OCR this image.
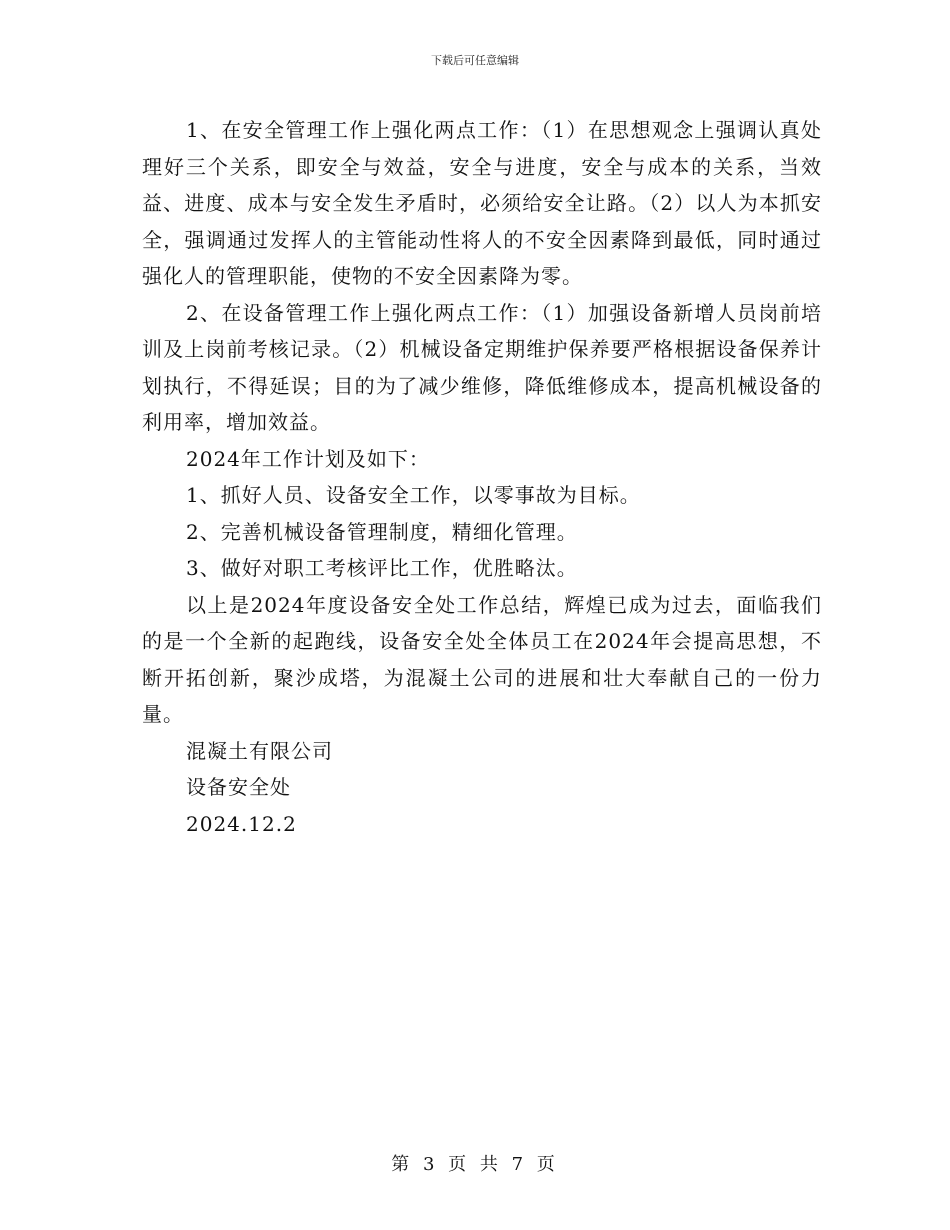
下载后可任意编辑

1、在安全管理工作上强化两点工作：（1）在思想观念上强调认真处理好三个关系，即安全与效益，安全与进度，安全与成本的关系，当效益、进度、成本与安全发生矛盾时，必须给安全让路。（2）以人为本抓安全，强调通过发挥人的主管能动性将人的不安全因素降到最低，同时通过强化人的管理职能，使物的不安全因素降为零。

2、在设备管理工作上强化两点工作：（1）加强设备新增人员岗前培训及上岗前考核记录。（2）机械设备定期维护保养要严格根据设备保养计划执行，不得延误；目的为了减少维修，降低维修成本，提高机械设备的利用率，增加效益。

2024年工作计划及如下：

1、抓好人员、设备安全工作，以零事故为目标。

2、完善机械设备管理制度，精细化管理。

3、做好对职工考核评比工作，优胜略汰。

以上是2024年度设备安全处工作总结，辉煌已成为过去，面临我们的是一个全新的起跑线，设备安全处全体员工在2024年会提高思想，不断开拓创新，聚沙成塔，为混凝土公司的进展和壮大奉献自己的一份力量。

混凝土有限公司

设备安全处

2024.12.2

第 3 页 共 7 页
